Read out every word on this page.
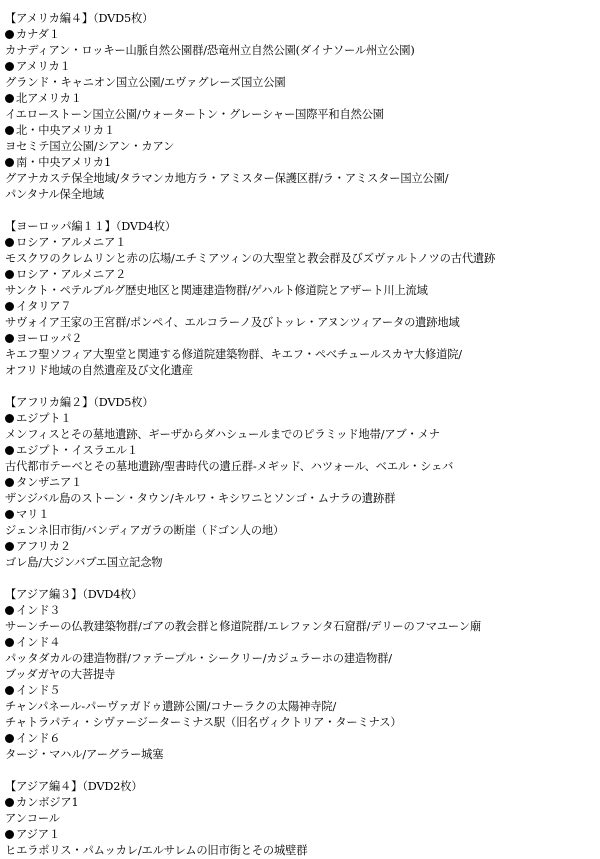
【アメリカ編４】（DVD5枚）
カナダ１
カナディアン・ロッキー山脈自然公園群/恐竜州立自然公園(ダイナソール州立公園)
アメリカ１
グランド・キャニオン国立公園/エヴァグレーズ国立公園
北アメリカ１
イエローストーン国立公園/ウォータートン・グレーシャー国際平和自然公園
北・中央アメリカ１
ヨセミテ国立公園/シアン・カアン
南・中央アメリカ1
グアナカステ保全地域/タラマンカ地方ラ・アミスター保護区群/ラ・アミスター国立公園/
パンタナル保全地域
【ヨーロッパ編１１】（DVD4枚）
ロシア・アルメニア１
モスクワのクレムリンと赤の広場/エチミアツィンの大聖堂と教会群及びズヴァルトノツの古代遺跡
ロシア・アルメニア２
サンクト・ペテルブルグ歴史地区と関連建造物群/ゲハルト修道院とアザート川上流域
イタリア７
サヴォイア王家の王宮群/ポンペイ、エルコラーノ及びトッレ・アヌンツィアータの遺跡地域
ヨーロッパ２
キエフ聖ソフィア大聖堂と関連する修道院建築物群、キエフ・ペべチュールスカヤ大修道院/
オフリド地域の自然遺産及び文化遺産
【アフリカ編２】（DVD5枚）
エジプト１
メンフィスとその墓地遺跡、ギーザからダハシュールまでのピラミッド地帯/アブ・メナ
エジプト・イスラエル１
古代都市テーベとその墓地遺跡/聖書時代の遺丘群-メギッド、ハツォール、ベエル・シェバ
タンザニア１
ザンジバル島のストーン・タウン/キルワ・キシワニとソンゴ・ムナラの遺跡群
マリ１
ジェンネ旧市街/バンディアガラの断崖（ドゴン人の地）
アフリカ２
ゴレ島/大ジンバブエ国立記念物
【アジア編３】（DVD4枚）
インド３
サーンチーの仏教建築物群/ゴアの教会群と修道院群/エレファンタ石窟群/デリーのフマユーン廟
インド４
パッタダカルの建造物群/ファテープル・シークリー/カジュラーホの建造物群/
ブッダガヤの大菩提寺
インド５
チャンパネール-パーヴァガドゥ遺跡公園/コナーラクの太陽神寺院/
チャトラパティ・シヴァージーターミナス駅（旧名ヴィクトリア・ターミナス）
インド６
タージ・マハル/アーグラー城塞
【アジア編４】（DVD2枚）
カンボジア1
アンコール
アジア１
ヒエラポリス・パムッカレ/エルサレムの旧市街とその城壁群
